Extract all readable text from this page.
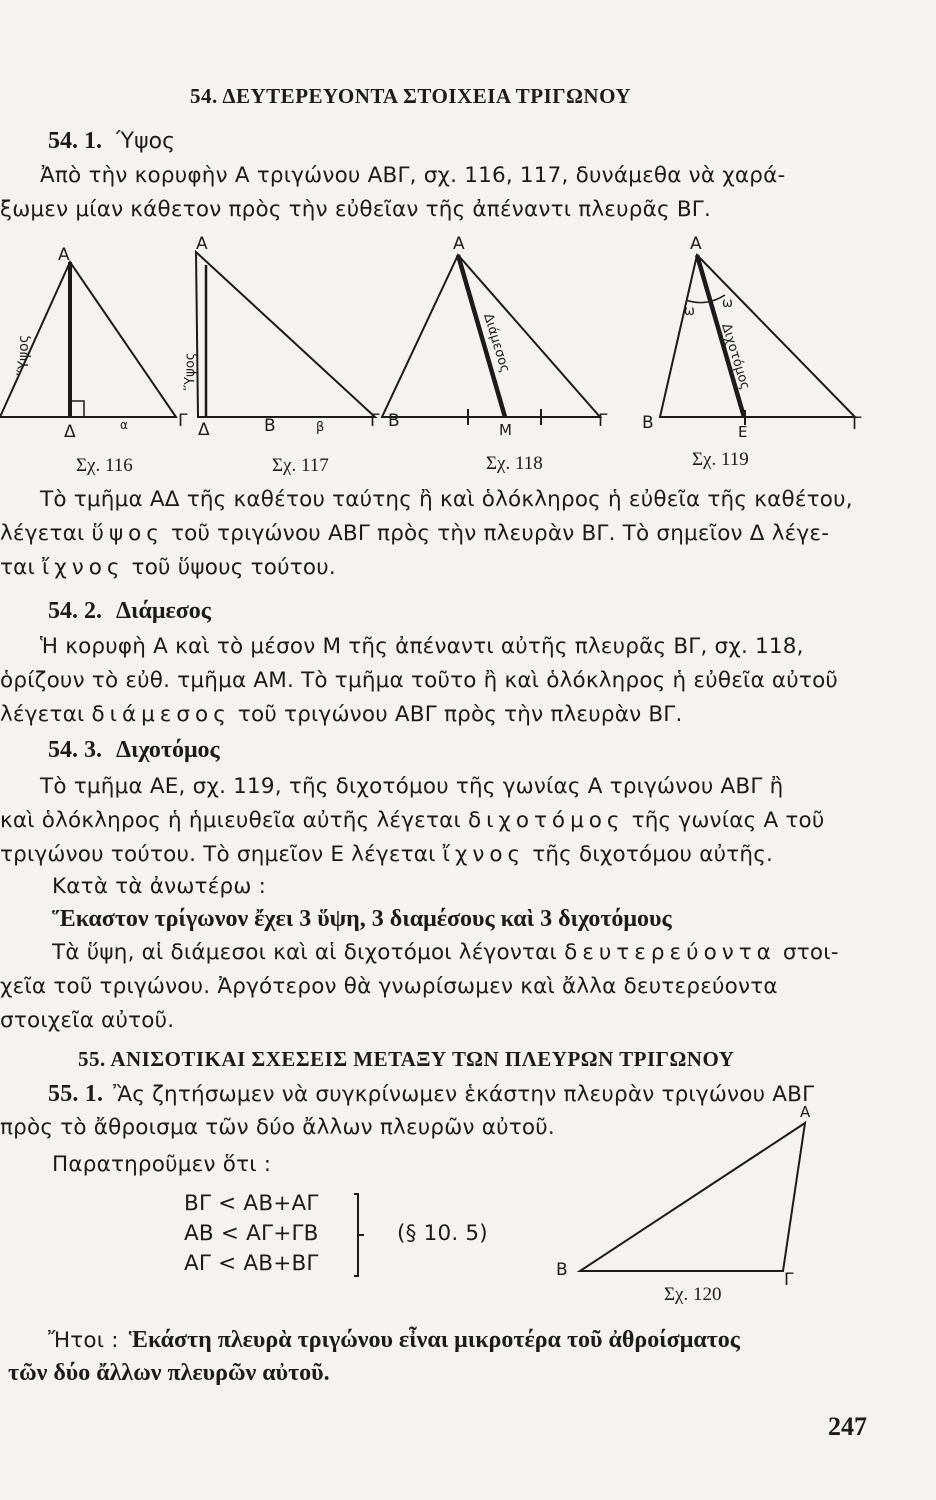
54. ΔΕΥΤΕΡΕΥΟΝΤΑ ΣΤΟΙΧΕΙΑ ΤΡΙΓΩΝΟΥ
54. 1. Ύψος
Ἀπὸ τὴν κορυφὴν Α τριγώνου ΑΒΓ, σχ. 116, 117, δυνάμεθα νὰ χαρά-
ξωμεν μίαν κάθετον πρὸς τὴν εὐθεῖαν τῆς ἀπέναντι πλευρᾶς ΒΓ.
Α
Ὕψος
Δ	α	Γ
Α
Ὕψος
Δ	Β	β	Γ
Α
Β	Μ	Γ
Διάμεσος
Α
ω
ω
Διχοτόμος
Β	Ε	Γ
Σχ. 116	Σχ. 117	Σχ. 118	Σχ. 119
Τὸ τμῆμα ΑΔ τῆς καθέτου ταύτης ἢ καὶ ὁλόκληρος ἡ εὐθεῖα τῆς καθέτου,
λέγεται ὕψος τοῦ τριγώνου ΑΒΓ πρὸς τὴν πλευρὰν ΒΓ. Τὸ σημεῖον Δ λέγε-
ται ἴχνος τοῦ ὕψους τούτου.
54. 2. Διάμεσος
Ἡ κορυφὴ Α καὶ τὸ μέσον Μ τῆς ἀπέναντι αὐτῆς πλευρᾶς ΒΓ, σχ. 118,
ὁρίζουν τὸ εὐθ. τμῆμα ΑΜ. Τὸ τμῆμα τοῦτο ἢ καὶ ὁλόκληρος ἡ εὐθεῖα αὐτοῦ
λέγεται διάμεσος τοῦ τριγώνου ΑΒΓ πρὸς τὴν πλευρὰν ΒΓ.
54. 3. Διχοτόμος
Τὸ τμῆμα ΑΕ, σχ. 119, τῆς διχοτόμου τῆς γωνίας Α τριγώνου ΑΒΓ ἢ
καὶ ὁλόκληρος ἡ ἡμιευθεῖα αὐτῆς λέγεται διχοτόμος τῆς γωνίας Α τοῦ
τριγώνου τούτου. Τὸ σημεῖον Ε λέγεται ἴχνος τῆς διχοτόμου αὐτῆς.
Κατὰ τὰ ἀνωτέρω :
Ἕκαστον τρίγωνον ἔχει 3 ὕψη, 3 διαμέσους καὶ 3 διχοτόμους
Τὰ ὕψη, αἱ διάμεσοι καὶ αἱ διχοτόμοι λέγονται δευτερεύοντα στοι-
χεῖα τοῦ τριγώνου. Ἀργότερον θὰ γνωρίσωμεν καὶ ἄλλα δευτερεύοντα
στοιχεῖα αὐτοῦ.
55. ΑΝΙΣΟΤΙΚΑΙ ΣΧΕΣΕΙΣ ΜΕΤΑΞΥ ΤΩΝ ΠΛΕΥΡΩΝ ΤΡΙΓΩΝΟΥ
55. 1. Ἂς ζητήσωμεν νὰ συγκρίνωμεν ἑκάστην πλευρὰν τριγώνου ΑΒΓ
πρὸς τὸ ἄθροισμα τῶν δύο ἄλλων πλευρῶν αὐτοῦ.
Παρατηροῦμεν ὅτι :
ΒΓ < ΑΒ+ΑΓ
ΑΒ < ΑΓ+ΓΒ
ΑΓ < ΑΒ+ΒΓ
(§ 10. 5)
Α
Β	Γ
Σχ. 120
Ἤτοι : Ἑκάστη πλευρὰ τριγώνου εἶναι μικροτέρα τοῦ ἀθροίσματος
τῶν δύο ἄλλων πλευρῶν αὐτοῦ.
247
